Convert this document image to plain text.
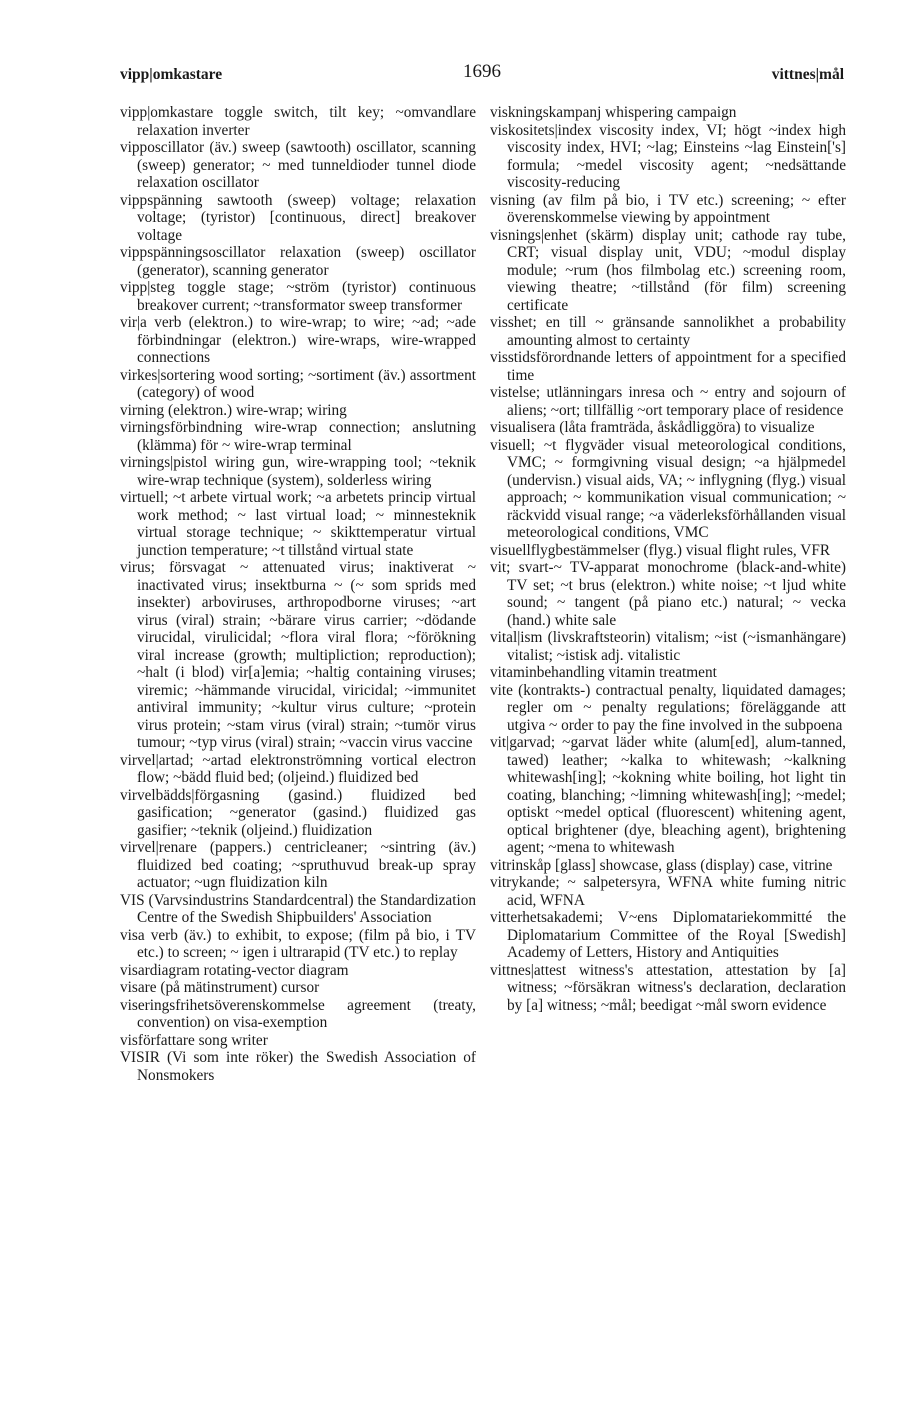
vipp|omkastare	1696	vittnes|mål

vipp|omkastare toggle switch, tilt key; ~omvandlare relaxation inverter

vipposcillator (äv.) sweep (sawtooth) oscillator, scanning (sweep) generator; ~ med tunneldioder tunnel diode relaxation oscillator

vippspänning sawtooth (sweep) voltage; relaxation voltage; (tyristor) [continuous, direct] breakover voltage

vippspänningsoscillator relaxation (sweep) oscillator (generator), scanning generator

vipp|steg toggle stage; ~ström (tyristor) continuous breakover current; ~transformator sweep transformer

vir|a verb (elektron.) to wire-wrap; to wire; ~ad; ~ade förbindningar (elektron.) wire-wraps, wire-wrapped connections

virkes|sortering wood sorting; ~sortiment (äv.) assortment (category) of wood

virning (elektron.) wire-wrap; wiring

virningsförbindning wire-wrap connection; anslutning (klämma) för ~ wire-wrap terminal

virnings|pistol wiring gun, wire-wrapping tool; ~teknik wire-wrap technique (system), solderless wiring

virtuell; ~t arbete virtual work; ~a arbetets princip virtual work method; ~ last virtual load; ~ minnesteknik virtual storage technique; ~ skikttemperatur virtual junction temperature; ~t tillstånd virtual state

virus; försvagat ~ attenuated virus; inaktiverat ~ inactivated virus; insektburna ~ (~ som sprids med insekter) arboviruses, arthropodborne viruses; ~art virus (viral) strain; ~bärare virus carrier; ~dödande virucidal, virulicidal; ~flora viral flora; ~förökning viral increase (growth; multipliction; reproduction); ~halt (i blod) vir[a]emia; ~haltig containing viruses; viremic; ~hämmande virucidal, viricidal; ~immunitet antiviral immunity; ~kultur virus culture; ~protein virus protein; ~stam virus (viral) strain; ~tumör virus tumour; ~typ virus (viral) strain; ~vaccin virus vaccine

virvel|artad; ~artad elektronströmning vortical electron flow; ~bädd fluid bed; (oljeind.) fluidized bed

virvelbädds|förgasning (gasind.) fluidized bed gasification; ~generator (gasind.) fluidized gas gasifier; ~teknik (oljeind.) fluidization

virvel|renare (pappers.) centricleaner; ~sintring (äv.) fluidized bed coating; ~spruthuvud break-up spray actuator; ~ugn fluidization kiln

VIS (Varvsindustrins Standardcentral) the Standardization Centre of the Swedish Shipbuilders' Association

visa verb (äv.) to exhibit, to expose; (film på bio, i TV etc.) to screen; ~ igen i ultrarapid (TV etc.) to replay

visardiagram rotating-vector diagram

visare (på mätinstrument) cursor

viseringsfrihetsöverenskommelse agreement (treaty, convention) on visa-exemption

visförfattare song writer

VISIR (Vi som inte röker) the Swedish Association of Nonsmokers

viskningskampanj whispering campaign

viskositets|index viscosity index, VI; högt ~index high viscosity index, HVI; ~lag; Einsteins ~lag Einstein['s] formula; ~medel viscosity agent; ~nedsättande viscosity-reducing

visning (av film på bio, i TV etc.) screening; ~ efter överenskommelse viewing by appointment

visnings|enhet (skärm) display unit; cathode ray tube, CRT; visual display unit, VDU; ~modul display module; ~rum (hos filmbolag etc.) screening room, viewing theatre; ~tillstånd (för film) screening certificate

visshet; en till ~ gränsande sannolikhet a probability amounting almost to certainty

visstidsförordnande letters of appointment for a specified time

vistelse; utlänningars inresa och ~ entry and sojourn of aliens; ~ort; tillfällig ~ort temporary place of residence

visualisera (låta framträda, åskådliggöra) to visualize

visuell; ~t flygväder visual meteorological conditions, VMC; ~ formgivning visual design; ~a hjälpmedel (undervisn.) visual aids, VA; ~ inflygning (flyg.) visual approach; ~ kommunikation visual communication; ~ räckvidd visual range; ~a väderleksförhållanden visual meteorological conditions, VMC

visuellflygbestämmelser (flyg.) visual flight rules, VFR

vit; svart-~ TV-apparat monochrome (black-and-white) TV set; ~t brus (elektron.) white noise; ~t ljud white sound; ~ tangent (på piano etc.) natural; ~ vecka (hand.) white sale

vital|ism (livskraftsteorin) vitalism; ~ist (~ismanhängare) vitalist; ~istisk adj. vitalistic

vitaminbehandling vitamin treatment

vite (kontrakts-) contractual penalty, liquidated damages; regler om ~ penalty regulations; föreläggande att utgiva ~ order to pay the fine involved in the subpoena

vit|garvad; ~garvat läder white (alum[ed], alum-tanned, tawed) leather; ~kalka to whitewash; ~kalkning whitewash[ing]; ~kokning white boiling, hot light tin coating, blanching; ~limning whitewash[ing]; ~medel; optiskt ~medel optical (fluorescent) whitening agent, optical brightener (dye, bleaching agent), brightening agent; ~mena to whitewash

vitrinskåp [glass] showcase, glass (display) case, vitrine

vitrykande; ~ salpetersyra, WFNA white fuming nitric acid, WFNA

vitterhetsakademi; V~ens Diplomatariekommitté the Diplomatarium Committee of the Royal [Swedish] Academy of Letters, History and Antiquities

vittnes|attest witness's attestation, attestation by [a] witness; ~försäkran witness's declaration, declaration by [a] witness; ~mål; beedigat ~mål sworn evidence
